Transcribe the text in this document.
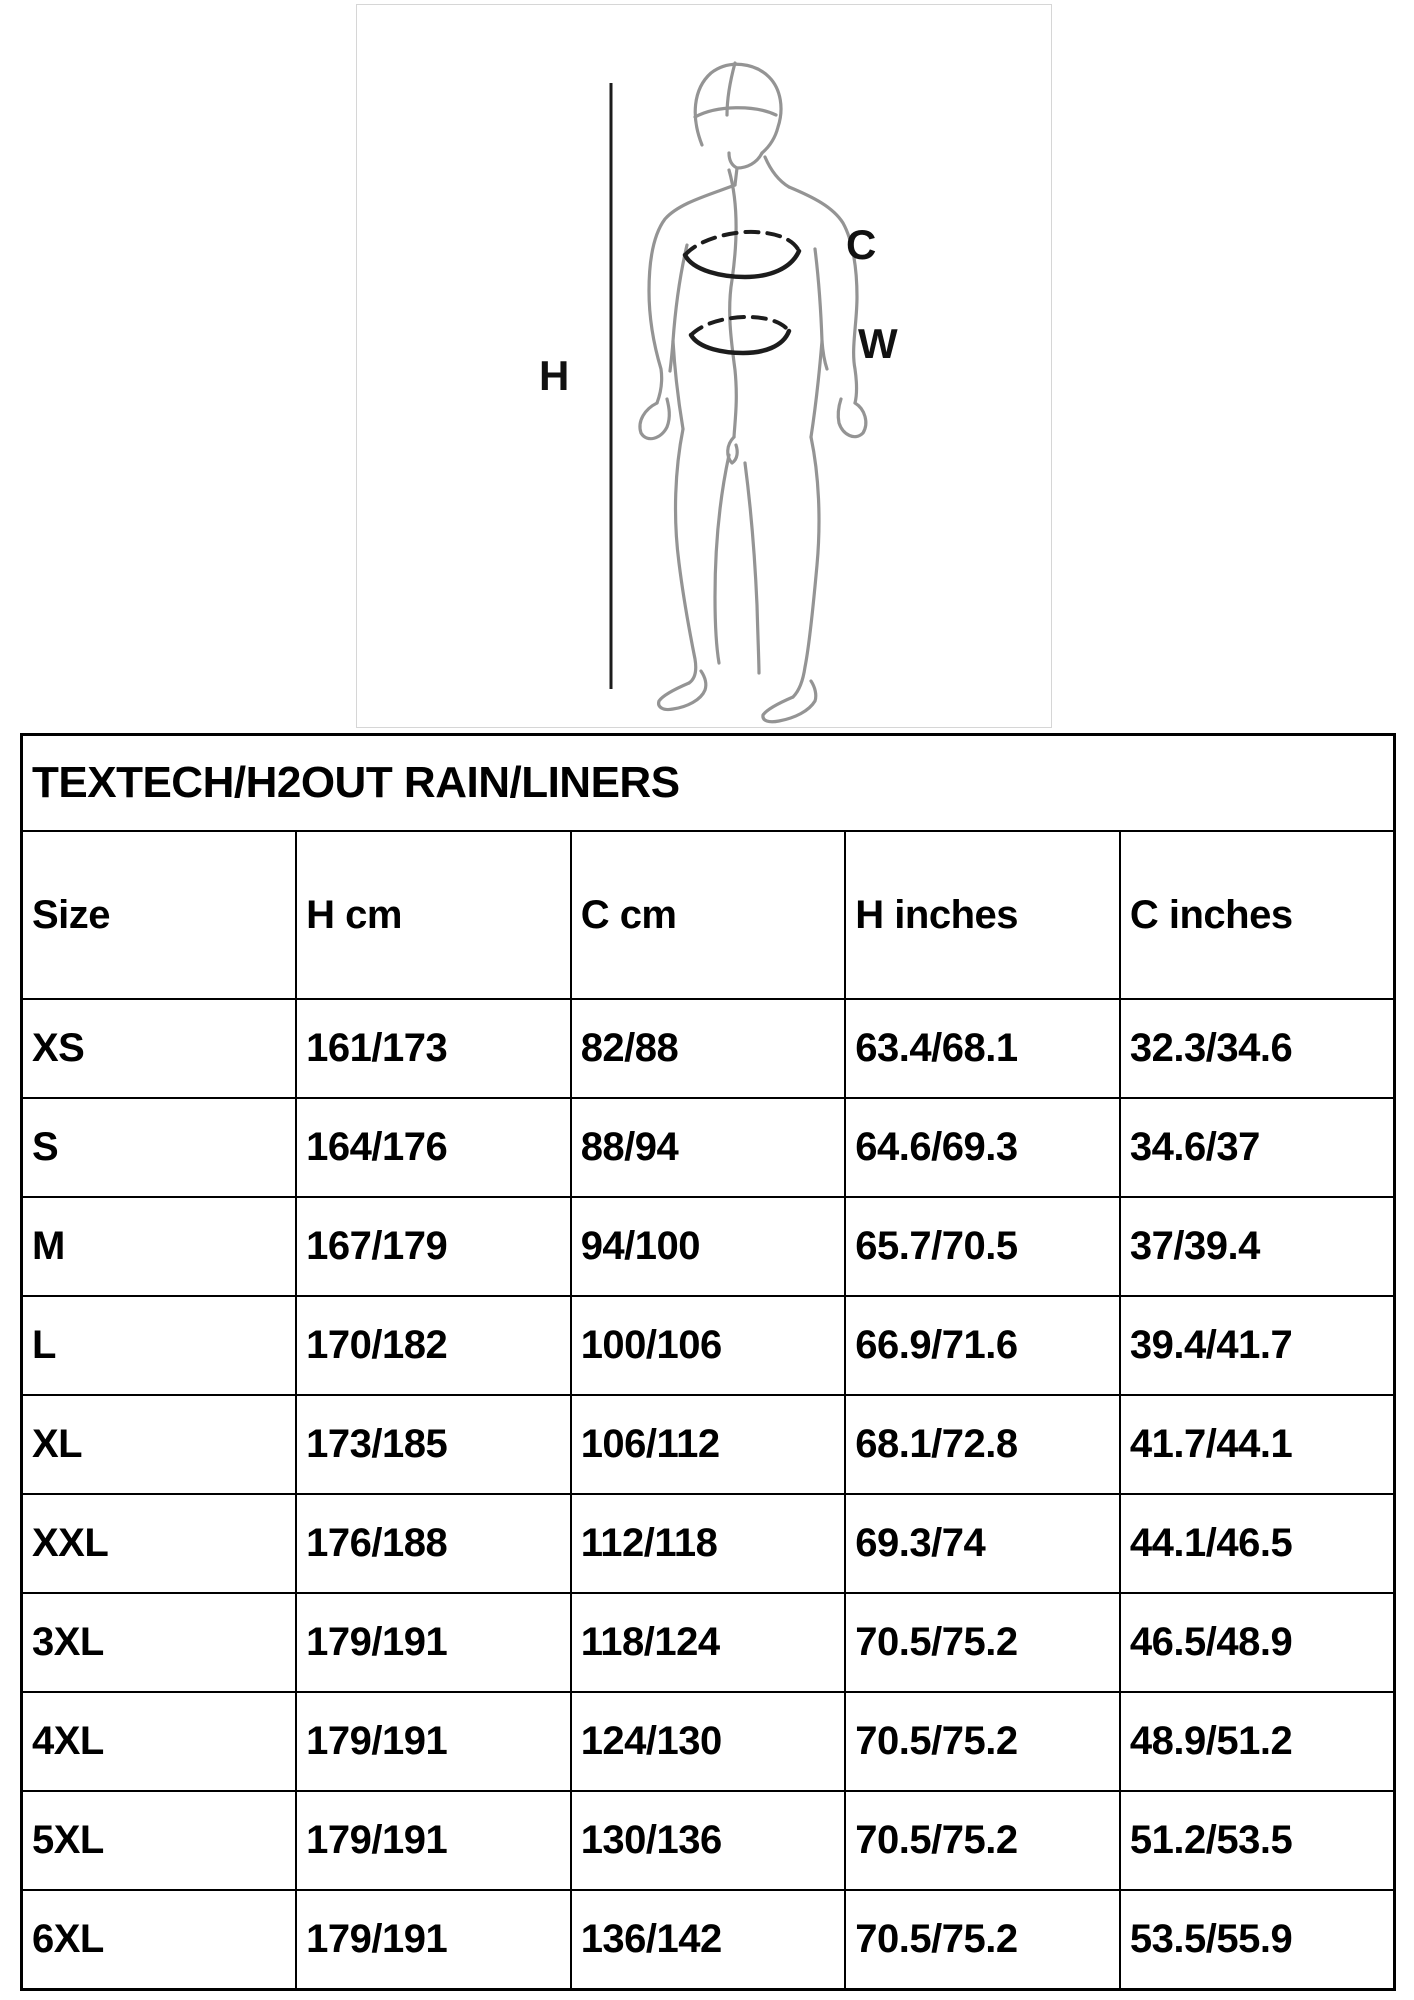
H
C
W
TEXTECH/H2OUT RAIN/LINERS				
Size	H cm	C cm	H inches	C inches
XS	161/173	82/88	63.4/68.1	32.3/34.6
S	164/176	88/94	64.6/69.3	34.6/37
M	167/179	94/100	65.7/70.5	37/39.4
L	170/182	100/106	66.9/71.6	39.4/41.7
XL	173/185	106/112	68.1/72.8	41.7/44.1
XXL	176/188	112/118	69.3/74	44.1/46.5
3XL	179/191	118/124	70.5/75.2	46.5/48.9
4XL	179/191	124/130	70.5/75.2	48.9/51.2
5XL	179/191	130/136	70.5/75.2	51.2/53.5
6XL	179/191	136/142	70.5/75.2	53.5/55.9
